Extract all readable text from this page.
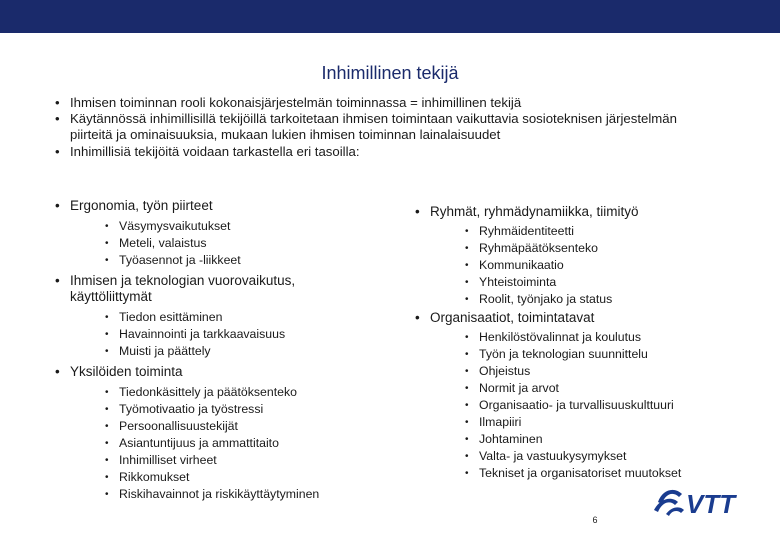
Inhimillinen tekijä
• Ihmisen toiminnan rooli kokonaisjärjestelmän toiminnassa = inhimillinen tekijä
• Käytännössä inhimillisillä tekijöillä tarkoitetaan ihmisen toimintaan vaikuttavia sosioteknisen järjestelmän piirteitä ja ominaisuuksia, mukaan lukien ihmisen toiminnan lainalaisuudet
• Inhimillisiä tekijöitä voidaan tarkastella eri tasoilla:

• Ergonomia, työn piirteet

• Väsymysvaikutukset
• Meteli, valaistus
• Työasennot ja -liikkeet

• Ihmisen ja teknologian vuorovaikutus, käyttöliittymät

• Tiedon esittäminen
• Havainnointi ja tarkkaavaisuus
• Muisti ja päättely

• Yksilöiden toiminta

• Tiedonkäsittely ja päätöksenteko
• Työmotivaatio ja työstressi
• Persoonallisuustekijät
• Asiantuntijuus ja ammattitaito
• Inhimilliset virheet
• Rikkomukset
• Riskihavainnot ja riskikäyttäytyminen

• Ryhmät, ryhmädynamiikka, tiimityö

• Ryhmäidentiteetti
• Ryhmäpäätöksenteko
• Kommunikaatio
• Yhteistoiminta
• Roolit, työnjako ja status

• Organisaatiot, toimintatavat

• Henkilöstövalinnat ja koulutus
• Työn ja teknologian suunnittelu
• Ohjeistus
• Normit ja arvot
• Organisaatio- ja turvallisuuskulttuuri
• Ilmapiiri
• Johtaminen
• Valta- ja vastuukysymykset
• Tekniset ja organisatoriset muutokset
VTT
6
